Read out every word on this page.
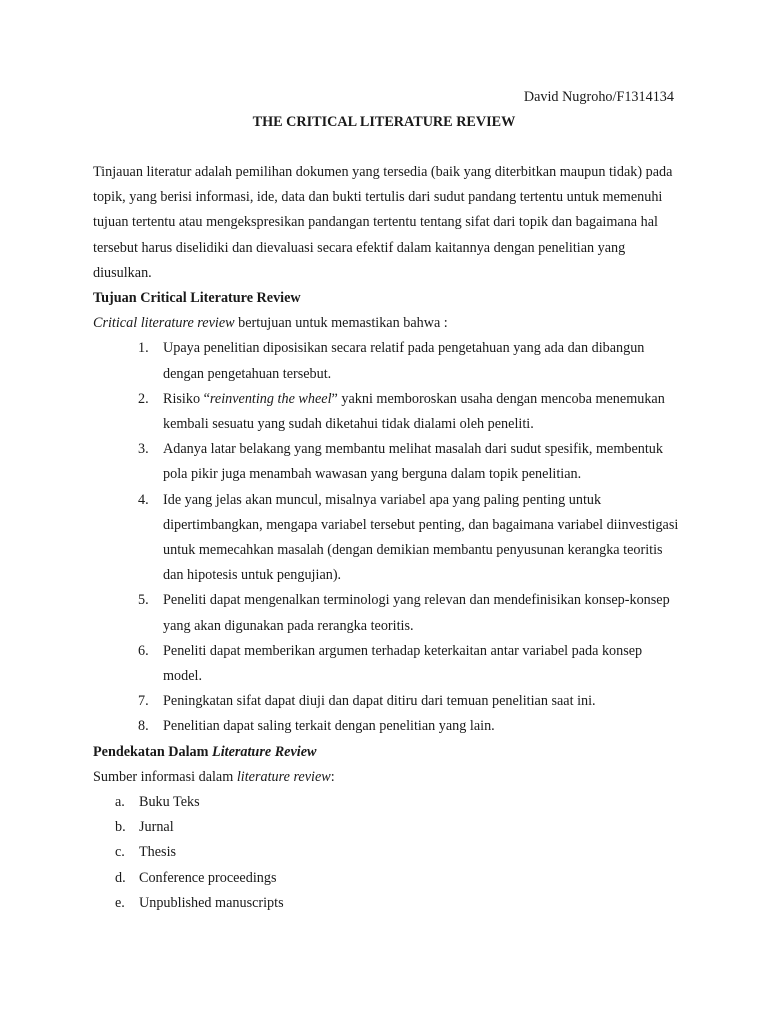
David Nugroho/F1314134
THE CRITICAL LITERATURE REVIEW

Tinjauan literatur adalah pemilihan dokumen yang tersedia (baik yang diterbitkan maupun tidak) pada topik, yang berisi informasi, ide, data dan bukti tertulis dari sudut pandang tertentu untuk memenuhi tujuan tertentu atau mengekspresikan pandangan tertentu tentang sifat dari topik dan bagaimana hal tersebut harus diselidiki dan dievaluasi secara efektif dalam kaitannya dengan penelitian yang diusulkan.

Tujuan Critical Literature Review

Critical literature review bertujuan untuk memastikan bahwa :

1. Upaya penelitian diposisikan secara relatif pada pengetahuan yang ada dan dibangun dengan pengetahuan tersebut.
2. Risiko “reinventing the wheel” yakni memboroskan usaha dengan mencoba menemukan kembali sesuatu yang sudah diketahui tidak dialami oleh peneliti.
3. Adanya latar belakang yang membantu melihat masalah dari sudut spesifik, membentuk pola pikir juga menambah wawasan yang berguna dalam topik penelitian.
4. Ide yang jelas akan muncul, misalnya variabel apa yang paling penting untuk dipertimbangkan, mengapa variabel tersebut penting, dan bagaimana variabel diinvestigasi untuk memecahkan masalah (dengan demikian membantu penyusunan kerangka teoritis dan hipotesis untuk pengujian).
5. Peneliti dapat mengenalkan terminologi yang relevan dan mendefinisikan konsep-konsep yang akan digunakan pada rerangka teoritis.
6. Peneliti dapat memberikan argumen terhadap keterkaitan antar variabel pada konsep model.
7. Peningkatan sifat dapat diuji dan dapat ditiru dari temuan penelitian saat ini.
8. Penelitian dapat saling terkait dengan penelitian yang lain.

Pendekatan Dalam Literature Review

Sumber informasi dalam literature review:

a. Buku Teks
b. Jurnal
c. Thesis
d. Conference proceedings
e. Unpublished manuscripts
